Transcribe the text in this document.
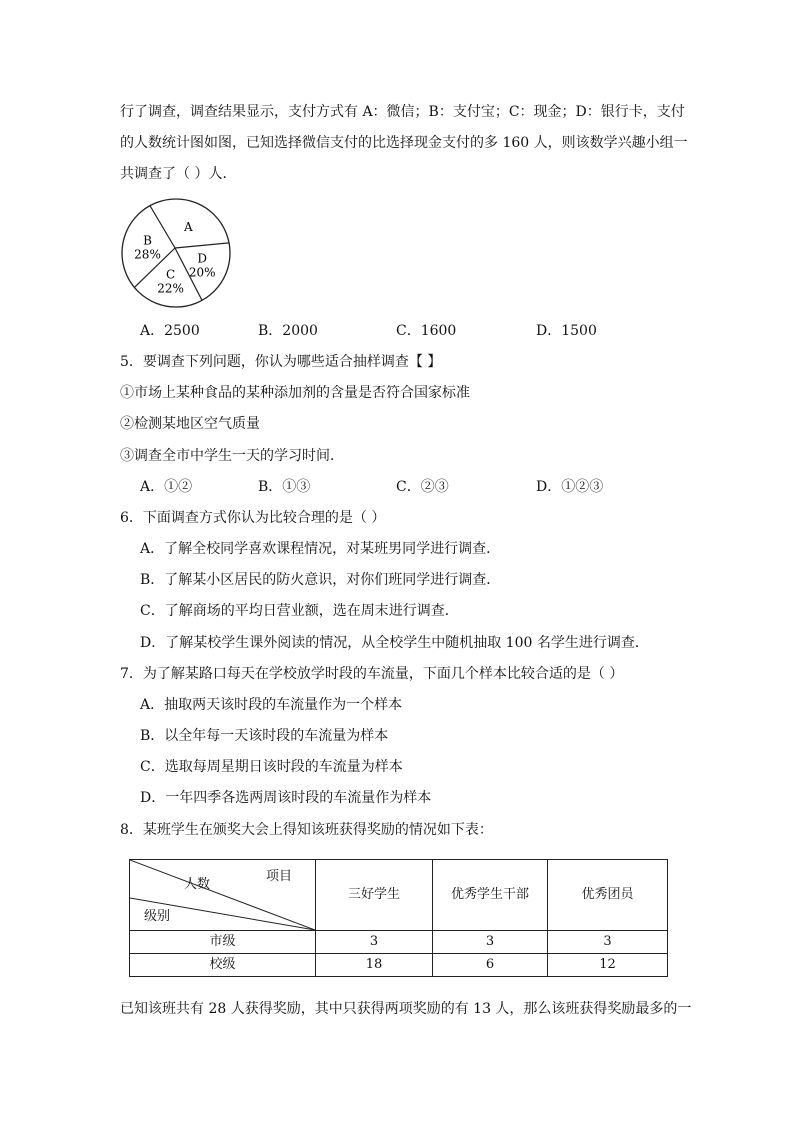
行了调查，调查结果显示，支付方式有 A：微信；B：支付宝；C：现金；D：银行卡，支付
的人数统计图如图，已知选择微信支付的比选择现金支付的多 160 人，则该数学兴趣小组一
共调查了（ ）人．
A
D
20%
C
22%
B
28%
A．2500	B．2000	C．1600	D．1500
5．要调查下列问题，你认为哪些适合抽样调查【 】
①市场上某种食品的某种添加剂的含量是否符合国家标准
②检测某地区空气质量
③调查全市中学生一天的学习时间．
A．①②	B．①③	C．②③	D．①②③
6．下面调查方式你认为比较合理的是（ ）
A．了解全校同学喜欢课程情况，对某班男同学进行调查．
B．了解某小区居民的防火意识，对你们班同学进行调查．
C．了解商场的平均日营业额，选在周末进行调查．
D．了解某校学生课外阅读的情况，从全校学生中随机抽取 100 名学生进行调查．
7．为了解某路口每天在学校放学时段的车流量，下面几个样本比较合适的是（ ）
A．抽取两天该时段的车流量作为一个样本
B．以全年每一天该时段的车流量为样本
C．选取每周星期日该时段的车流量为样本
D．一年四季各选两周该时段的车流量作为样本
8．某班学生在颁奖大会上得知该班获得奖励的情况如下表：
项目
人数
级别	三好学生	优秀学生干部	优秀团员
市级	3	3	3
校级	18	6	12
已知该班共有 28 人获得奖励，其中只获得两项奖励的有 13 人，那么该班获得奖励最多的一
